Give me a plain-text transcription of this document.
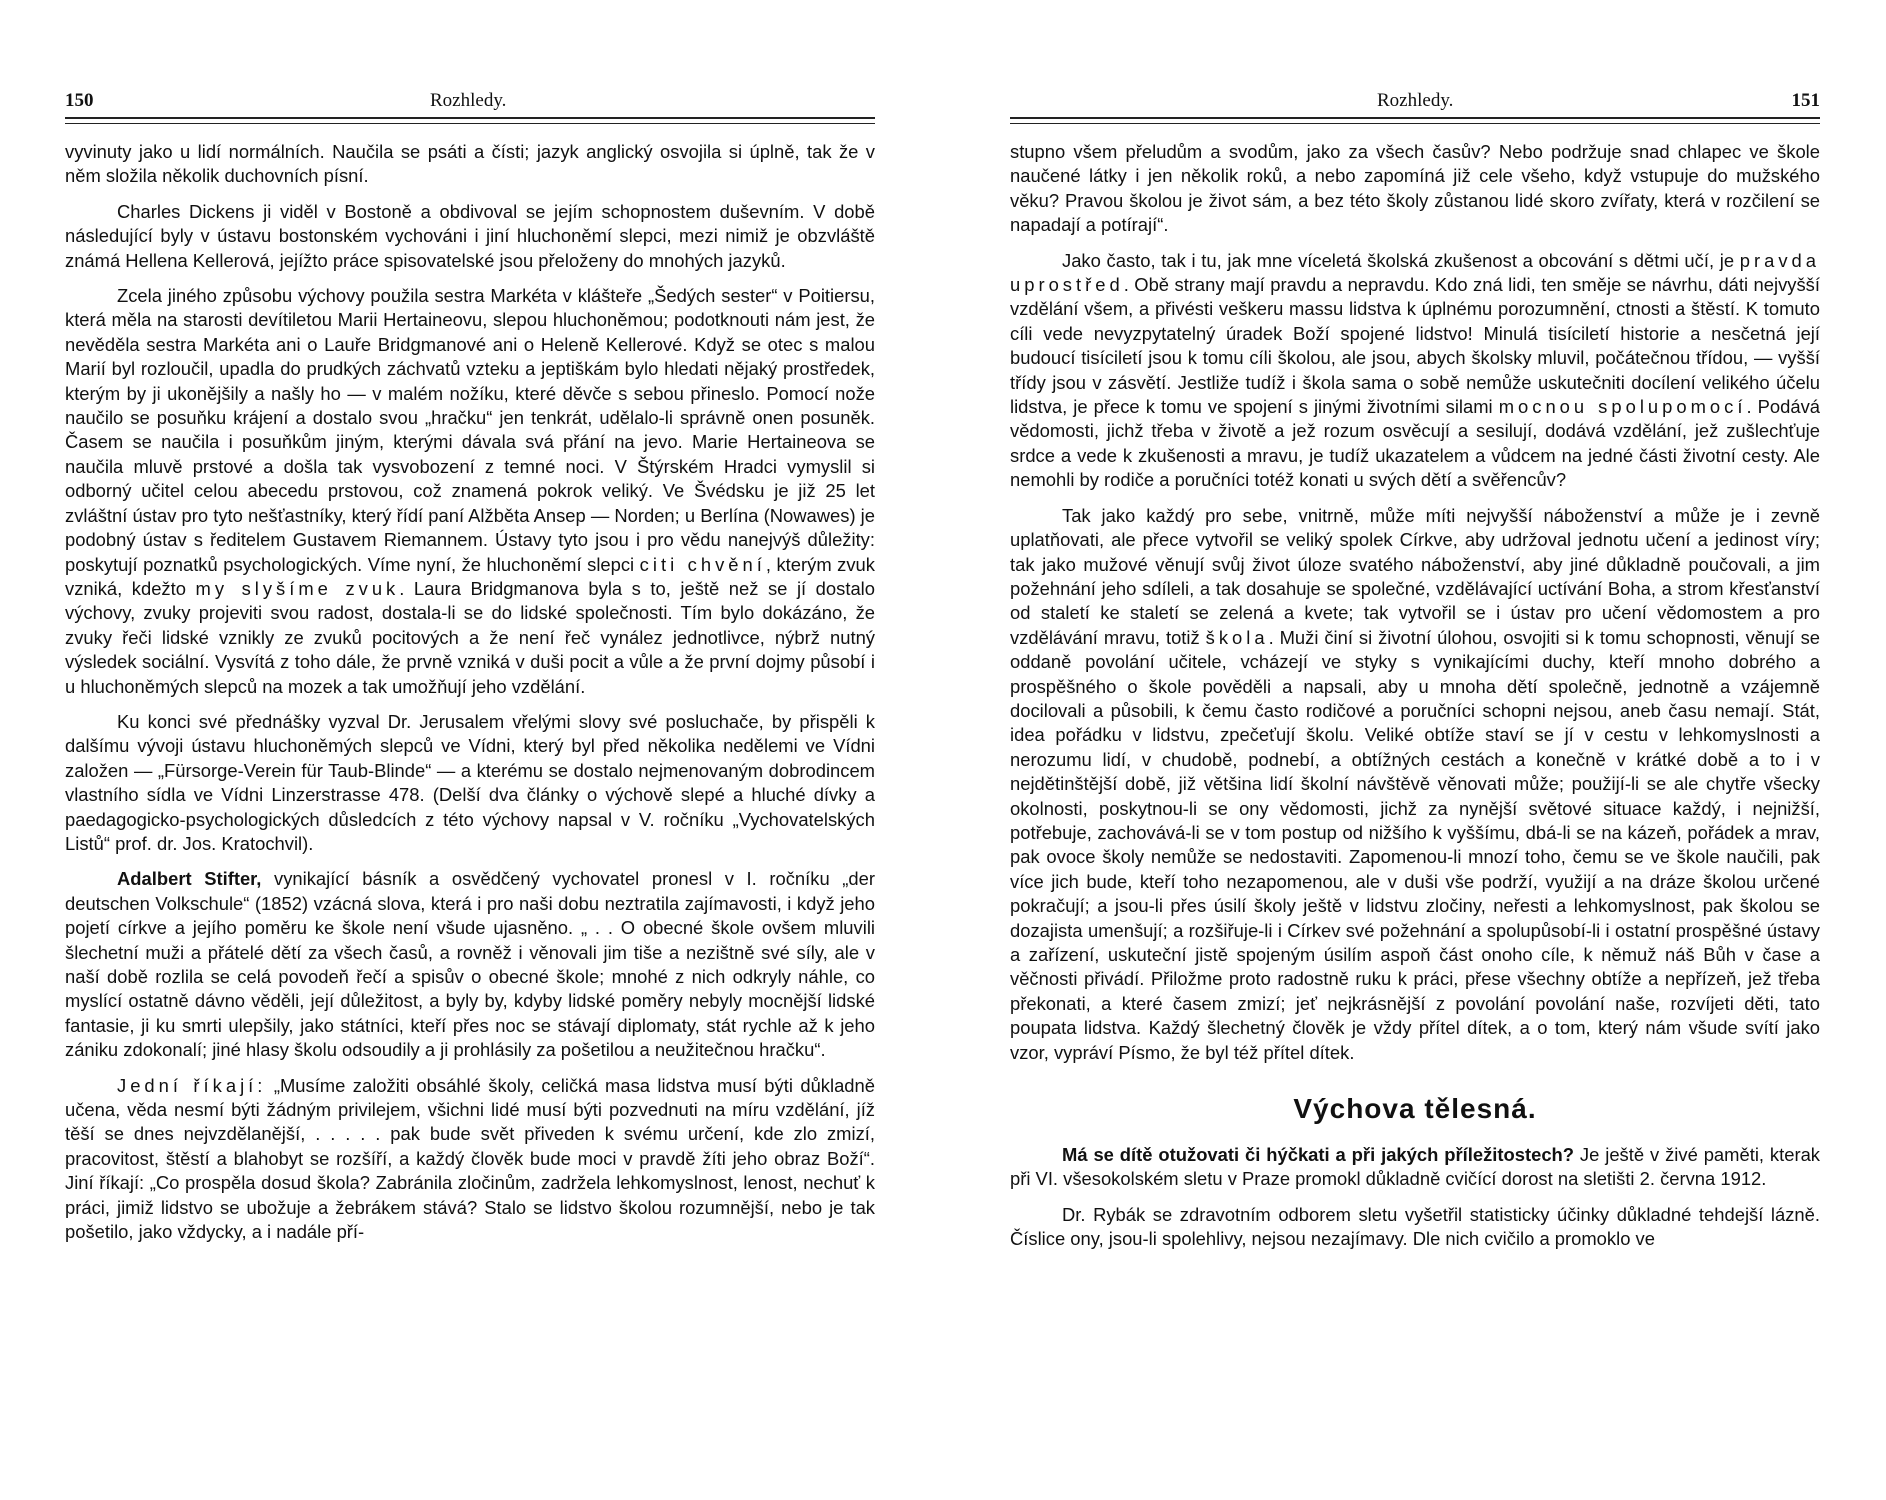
150	Rozhledy.

vyvinuty jako u lidí normálních. Naučila se psáti a čísti; jazyk anglický osvojila si úplně, tak že v něm složila několik duchovních písní.

Charles Dickens ji viděl v Bostoně a obdivoval se jejím schopnostem duševním. V době následující byly v ústavu bostonském vychováni i jiní hluchoněmí slepci, mezi nimiž je obzvláště známá Hellena Kellerová, jejížto práce spisovatelské jsou přeloženy do mnohých jazyků.

Zcela jiného způsobu výchovy použila sestra Markéta v klášteře „Šedých sester“ v Poitiersu, která měla na starosti devítiletou Marii Hertaineovu, slepou hluchoněmou; podotknouti nám jest, že nevěděla sestra Markéta ani o Lauře Bridgmanové ani o Heleně Kellerové. Když se otec s malou Marií byl rozloučil, upadla do prudkých záchvatů vzteku a jeptiškám bylo hledati nějaký prostředek, kterým by ji ukonějšily a našly ho — v malém nožíku, které děvče s sebou přineslo. Pomocí nože naučilo se posuňku krájení a dostalo svou „hračku“ jen tenkrát, udělalo-li správně onen posuněk. Časem se naučila i posuňkům jiným, kterými dávala svá přání na jevo. Marie Hertaineova se naučila mluvě prstové a došla tak vysvobození z temné noci. V Štýrském Hradci vymyslil si odborný učitel celou abecedu prstovou, což znamená pokrok veliký. Ve Švédsku je již 25 let zvláštní ústav pro tyto nešťastníky, který řídí paní Alžběta Ansep — Norden; u Berlína (Nowawes) je podobný ústav s ředitelem Gustavem Riemannem. Ústavy tyto jsou i pro vědu nanejvýš důležity: poskytují poznatků psychologických. Víme nyní, že hluchoněmí slepci citi chvění, kterým zvuk vzniká, kdežto my slyšíme zvuk. Laura Bridgmanova byla s to, ještě než se jí dostalo výchovy, zvuky projeviti svou radost, dostala-li se do lidské společnosti. Tím bylo dokázáno, že zvuky řeči lidské vznikly ze zvuků pocitových a že není řeč vynález jednotlivce, nýbrž nutný výsledek sociální. Vysvítá z toho dále, že prvně vzniká v duši pocit a vůle a že první dojmy působí i u hluchoněmých slepců na mozek a tak umožňují jeho vzdělání.

Ku konci své přednášky vyzval Dr. Jerusalem vřelými slovy své posluchače, by přispěli k dalšímu vývoji ústavu hluchoněmých slepců ve Vídni, který byl před několika nedělemi ve Vídni založen — „Fürsorge-Verein für Taub-Blinde“ — a kterému se dostalo nejmenovaným dobrodincem vlastního sídla ve Vídni Linzerstrasse 478. (Delší dva články o výchově slepé a hluché dívky a paedagogicko-psychologických důsledcích z této výchovy napsal v V. ročníku „Vychovatelských Listů“ prof. dr. Jos. Kratochvil).

Adalbert Stifter, vynikající básník a osvědčený vychovatel pronesl v I. ročníku „der deutschen Volkschule“ (1852) vzácná slova, která i pro naši dobu neztratila zajímavosti, i když jeho pojetí církve a jejího poměru ke škole není všude ujasněno. „ . . O obecné škole ovšem mluvili šlechetní muži a přátelé dětí za všech časů, a rovněž i věnovali jim tiše a nezištně své síly, ale v naší době rozlila se celá povodeň řečí a spisův o obecné škole; mnohé z nich odkryly náhle, co myslící ostatně dávno věděli, její důležitost, a byly by, kdyby lidské poměry nebyly mocnější lidské fantasie, ji ku smrti ulepšily, jako státníci, kteří přes noc se stávají diplomaty, stát rychle až k jeho zániku zdokonalí; jiné hlasy školu odsoudily a ji prohlásily za pošetilou a neužitečnou hračku“.

Jední říkají: „Musíme založiti obsáhlé školy, celičká masa lidstva musí býti důkladně učena, věda nesmí býti žádným privilejem, všichni lidé musí býti pozvednuti na míru vzdělání, jíž těší se dnes nejvzdělanější, . . . . . pak bude svět přiveden k svému určení, kde zlo zmizí, pracovitost, štěstí a blahobyt se rozšíří, a každý člověk bude moci v pravdě žíti jeho obraz Boží“. Jiní říkají: „Co prospěla dosud škola? Zabránila zločinům, zadržela lehkomyslnost, lenost, nechuť k práci, jimiž lidstvo se ubožuje a žebrákem stává? Stalo se lidstvo školou rozumnější, nebo je tak pošetilo, jako vždycky, a i nadále pří-

Rozhledy.	151

stupno všem přeludům a svodům, jako za všech časův? Nebo podržuje snad chlapec ve škole naučené látky i jen několik roků, a nebo zapomíná již cele všeho, když vstupuje do mužského věku? Pravou školou je život sám, a bez této školy zůstanou lidé skoro zvířaty, která v rozčilení se napadají a potírají“.

Jako často, tak i tu, jak mne víceletá školská zkušenost a obcování s dětmi učí, je pravda uprostřed. Obě strany mají pravdu a nepravdu. Kdo zná lidi, ten směje se návrhu, dáti nejvyšší vzdělání všem, a přivésti veškeru massu lidstva k úplnému porozumnění, ctnosti a štěstí. K tomuto cíli vede nevyzpytatelný úradek Boží spojené lidstvo! Minulá tisíciletí historie a nesčetná její budoucí tisíciletí jsou k tomu cíli školou, ale jsou, abych školsky mluvil, počátečnou třídou, — vyšší třídy jsou v zásvětí. Jestliže tudíž i škola sama o sobě nemůže uskutečniti docílení velikého účelu lidstva, je přece k tomu ve spojení s jinými životními silami mocnou spolupomocí. Podává vědomosti, jichž třeba v životě a jež rozum osvěcují a sesilují, dodává vzdělání, jež zušlechťuje srdce a vede k zkušenosti a mravu, je tudíž ukazatelem a vůdcem na jedné části životní cesty. Ale nemohli by rodiče a poručníci totéž konati u svých dětí a svěřencův?

Tak jako každý pro sebe, vnitrně, může míti nejvyšší náboženství a může je i zevně uplatňovati, ale přece vytvořil se veliký spolek Církve, aby udržoval jednotu učení a jedinost víry; tak jako mužové věnují svůj život úloze svatého náboženství, aby jiné důkladně poučovali, a jim požehnání jeho sdíleli, a tak dosahuje se společné, vzdělávající uctívání Boha, a strom křesťanství od staletí ke staletí se zelená a kvete; tak vytvořil se i ústav pro učení vědomostem a pro vzdělávání mravu, totiž škola. Muži činí si životní úlohou, osvojiti si k tomu schopnosti, věnují se oddaně povolání učitele, vcházejí ve styky s vynikajícími duchy, kteří mnoho dobrého a prospěšného o škole pověděli a napsali, aby u mnoha dětí společně, jednotně a vzájemně docilovali a působili, k čemu často rodičové a poručníci schopni nejsou, aneb času nemají. Stát, idea pořádku v lidstvu, zpečeťují školu. Veliké obtíže staví se jí v cestu v lehkomyslnosti a nerozumu lidí, v chudobě, podnebí, a obtížných cestách a konečně v krátké době a to i v nejdětinštější době, již většina lidí školní návštěvě věnovati může; použijí-li se ale chytře všecky okolnosti, poskytnou-li se ony vědomosti, jichž za nynější světové situace každý, i nejnižší, potřebuje, zachovává-li se v tom postup od nižšího k vyššímu, dbá-li se na kázeň, pořádek a mrav, pak ovoce školy nemůže se nedostaviti. Zapomenou-li mnozí toho, čemu se ve škole naučili, pak více jich bude, kteří toho nezapomenou, ale v duši vše podrží, využijí a na dráze školou určené pokračují; a jsou-li přes úsilí školy ještě v lidstvu zločiny, neřesti a lehkomyslnost, pak školou se dozajista umenšují; a rozšiřuje-li i Církev své požehnání a spolupůsobí-li i ostatní prospěšné ústavy a zařízení, uskuteční jistě spojeným úsilím aspoň část onoho cíle, k němuž náš Bůh v čase a věčnosti přivádí. Přiložme proto radostně ruku k práci, přese všechny obtíže a nepřízeň, jež třeba překonati, a které časem zmizí; jeť nejkrásnější z povolání povolání naše, rozvíjeti děti, tato poupata lidstva. Každý šlechetný člověk je vždy přítel dítek, a o tom, který nám všude svítí jako vzor, vypráví Písmo, že byl též přítel dítek.

Výchova tělesná.

Má se dítě otužovati či hýčkati a při jakých příležitostech? Je ještě v živé paměti, kterak při VI. všesokolském sletu v Praze promokl důkladně cvičící dorost na sletišti 2. června 1912.

Dr. Rybák se zdravotním odborem sletu vyšetřil statisticky účinky důkladné tehdejší lázně. Číslice ony, jsou-li spolehlivy, nejsou nezajímavy. Dle nich cvičilo a promoklo ve
